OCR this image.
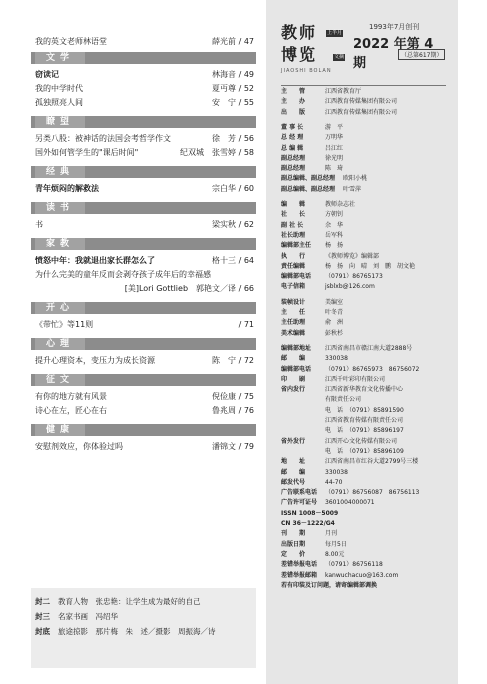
我的英文老师林语堂	薛光前 / 47
文学
窃读记	林海音 / 49
我的中学时代	夏丏尊 / 52
孤独照亮人间	安　宁 / 55
瞭望
另类八股：被神话的法国会考哲学作文	徐　芳 / 56
国外如何管学生的"课后时间"	纪双城　张雪婷 / 58
经典
青年烦闷的解救法	宗白华 / 60
读书
书	梁实秋 / 62
家教
愤怒中年：我就退出家长群怎么了	格十三 / 64
为什么完美的童年反而会剥夺孩子成年后的幸福感
[美]Lori Gottlieb　郭艳文／译 / 66
开心
《带忙》等11则	/ 71
心理
提升心理资本，变压力为成长资源	陈　宁 / 72
征文
有你的地方就有风景	倪俭康 / 75
诗心在左，匠心在右	鲁兆周 / 76
健康
安慰剂效应，你体验过吗	潘锦文 / 79
封二 教育人物　张忠艳：让学生成为最好的自己
封三 名家书画　冯绍华
封底 旅途掠影　那片梅　朱　述／摄影　周振海／诗
教师
博览
上半月
文摘
JIAOSHI BOLAN
1993年7月创刊
2022 年第 4 期
（总第617期）
主　　管	江西省教育厅
主　　办	江西教育传媒集团有限公司
出　　版	江西教育传媒集团有限公司
董 事 长	游　平
总 经 理	万明华
总 编 辑	吕江红
副总经理	徐光明
副总经理	陈　琦
副总编辑、副总经理 欧阳小桃
副总编辑、副总经理 叶雪萍
编　　辑	教师杂志社
社　　长	方朝钊
副 社 长	余　华
社长助理	岳军科
编辑部主任 杨　扬
执　　行	《教师博览》编辑部
责任编辑	杨　扬　向　晴　刘　鹏　胡文艳
编辑部电话 （0791）86765173
电子信箱	jsblxb@126.com
装帧设计	美编室
主　　任	叶冬青
主任助理	俞　洲
美术编辑	彭秋杉
编辑部地址 江西省南昌市赣江南大道2888号
邮　　编	330038
编辑部电话 （0791）86765973　86756072
印　　刷	江西千叶彩印有限公司
省内发行	江西省新华教育文化传播中心
有限责任公司
电　话　（0791）85891590
江西省教育传媒有限责任公司
电　话　（0791）85896197
省外发行	江西开心文化传媒有限公司
电　话　（0791）85896109
地　　址	江西省南昌市红谷大道2799号三楼
邮　　编	330038
邮发代号	44-70
广告联系电话 （0791）86756087　86756113
广告许可证号 3601004000071
ISSN 1008－5009
CN 36－1222/G4
刊　　期	月刊
出版日期	每月5日
定　　价	8.00元
差错举报电话 （0791）86756118
差错举报邮箱 kanwuchacuo@163.com
若有印装及订问题，请寄编辑部调换
